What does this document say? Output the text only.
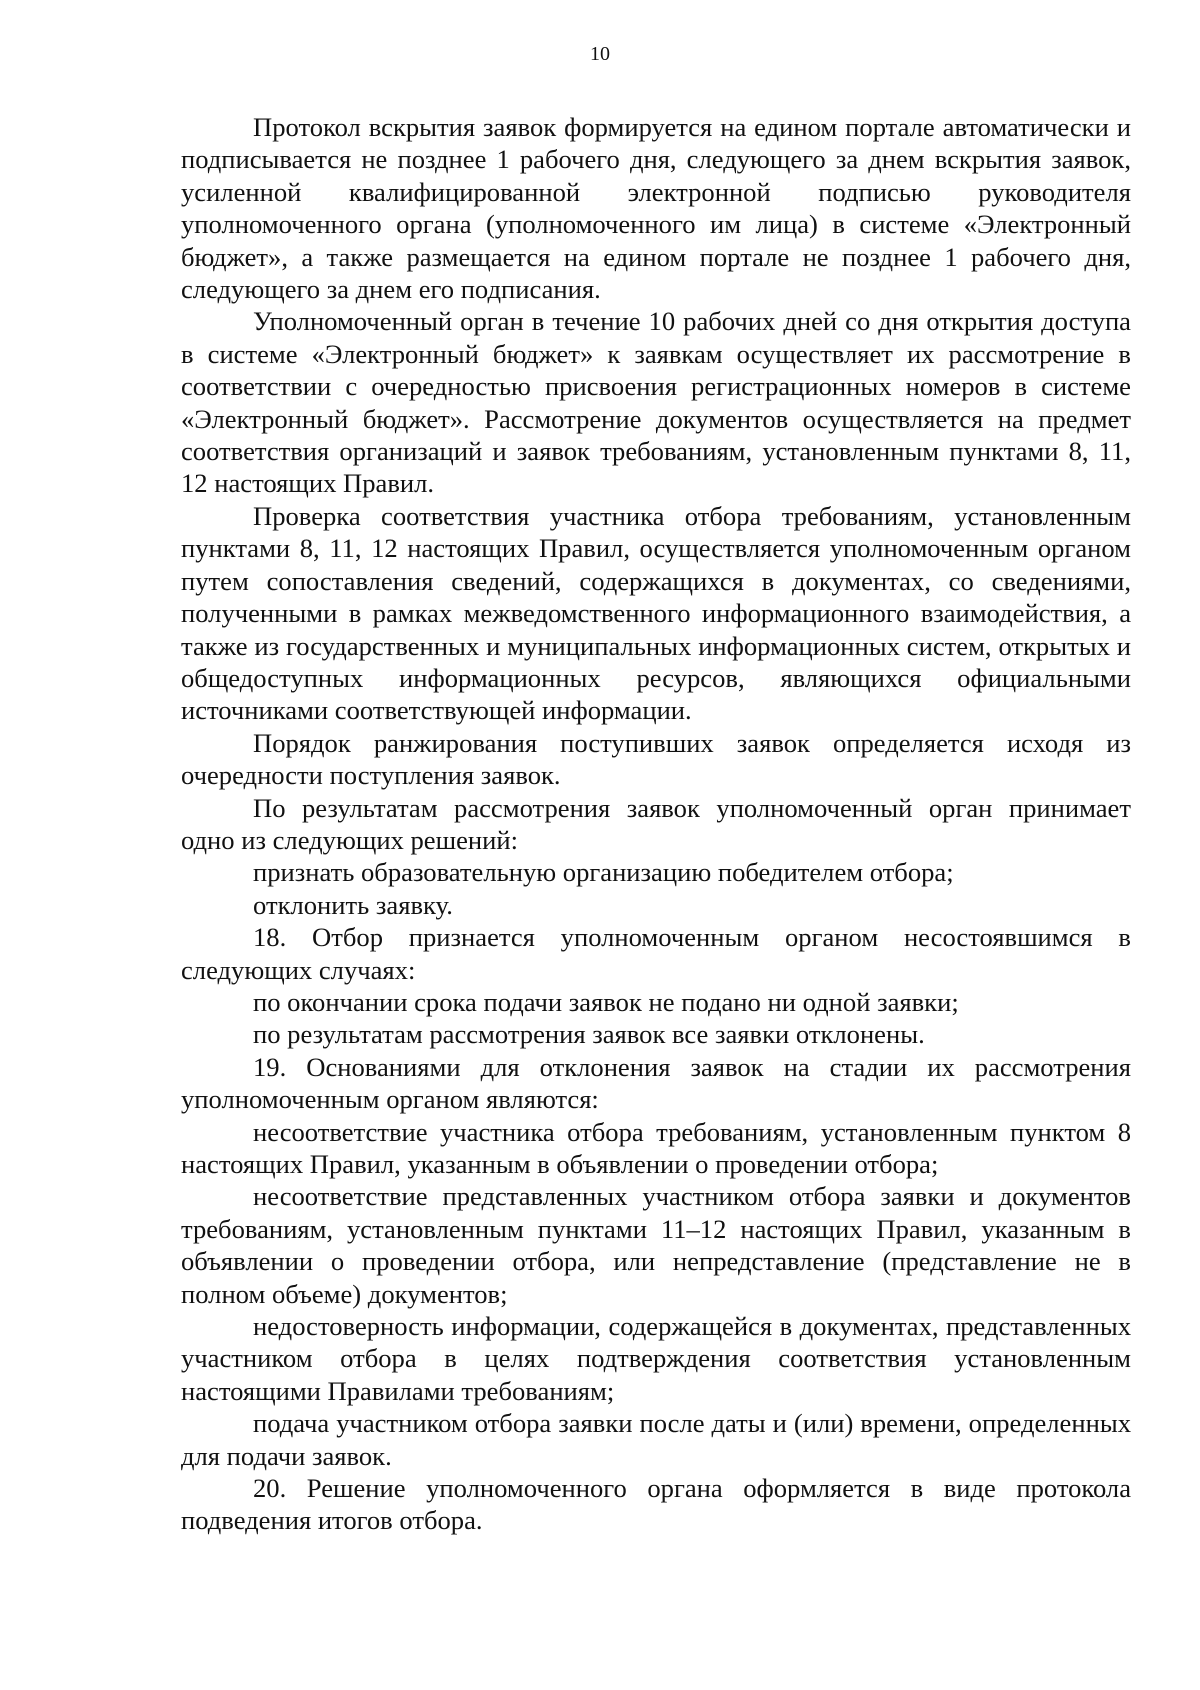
10

Протокол вскрытия заявок формируется на едином портале автоматически и подписывается не позднее 1 рабочего дня, следующего за днем вскрытия заявок, усиленной квалифицированной электронной подписью руководителя уполномоченного органа (уполномоченного им лица) в системе «Электронный бюджет», а также размещается на едином портале не позднее 1 рабочего дня, следующего за днем его подписания.

Уполномоченный орган в течение 10 рабочих дней со дня открытия доступа в системе «Электронный бюджет» к заявкам осуществляет их рассмотрение в соответствии с очередностью присвоения регистрационных номеров в системе «Электронный бюджет». Рассмотрение документов осуществляется на предмет соответствия организаций и заявок требованиям, установленным пунктами 8, 11, 12 настоящих Правил.

Проверка соответствия участника отбора требованиям, установленным пунктами 8, 11, 12 настоящих Правил, осуществляется уполномоченным органом путем сопоставления сведений, содержащихся в документах, со сведениями, полученными в рамках межведомственного информационного взаимодействия, а также из государственных и муниципальных информационных систем, открытых и общедоступных информационных ресурсов, являющихся официальными источниками соответствующей информации.

Порядок ранжирования поступивших заявок определяется исходя из очередности поступления заявок.

По результатам рассмотрения заявок уполномоченный орган принимает одно из следующих решений:

признать образовательную организацию победителем отбора;

отклонить заявку.

18. Отбор признается уполномоченным органом несостоявшимся в следующих случаях:

по окончании срока подачи заявок не подано ни одной заявки;

по результатам рассмотрения заявок все заявки отклонены.

19. Основаниями для отклонения заявок на стадии их рассмотрения уполномоченным органом являются:

несоответствие участника отбора требованиям, установленным пунктом 8 настоящих Правил, указанным в объявлении о проведении отбора;

несоответствие представленных участником отбора заявки и документов требованиям, установленным пунктами 11–12 настоящих Правил, указанным в объявлении о проведении отбора, или непредставление (представление не в полном объеме) документов;

недостоверность информации, содержащейся в документах, представленных участником отбора в целях подтверждения соответствия установленным настоящими Правилами требованиям;

подача участником отбора заявки после даты и (или) времени, определенных для подачи заявок.

20. Решение уполномоченного органа оформляется в виде протокола подведения итогов отбора.
